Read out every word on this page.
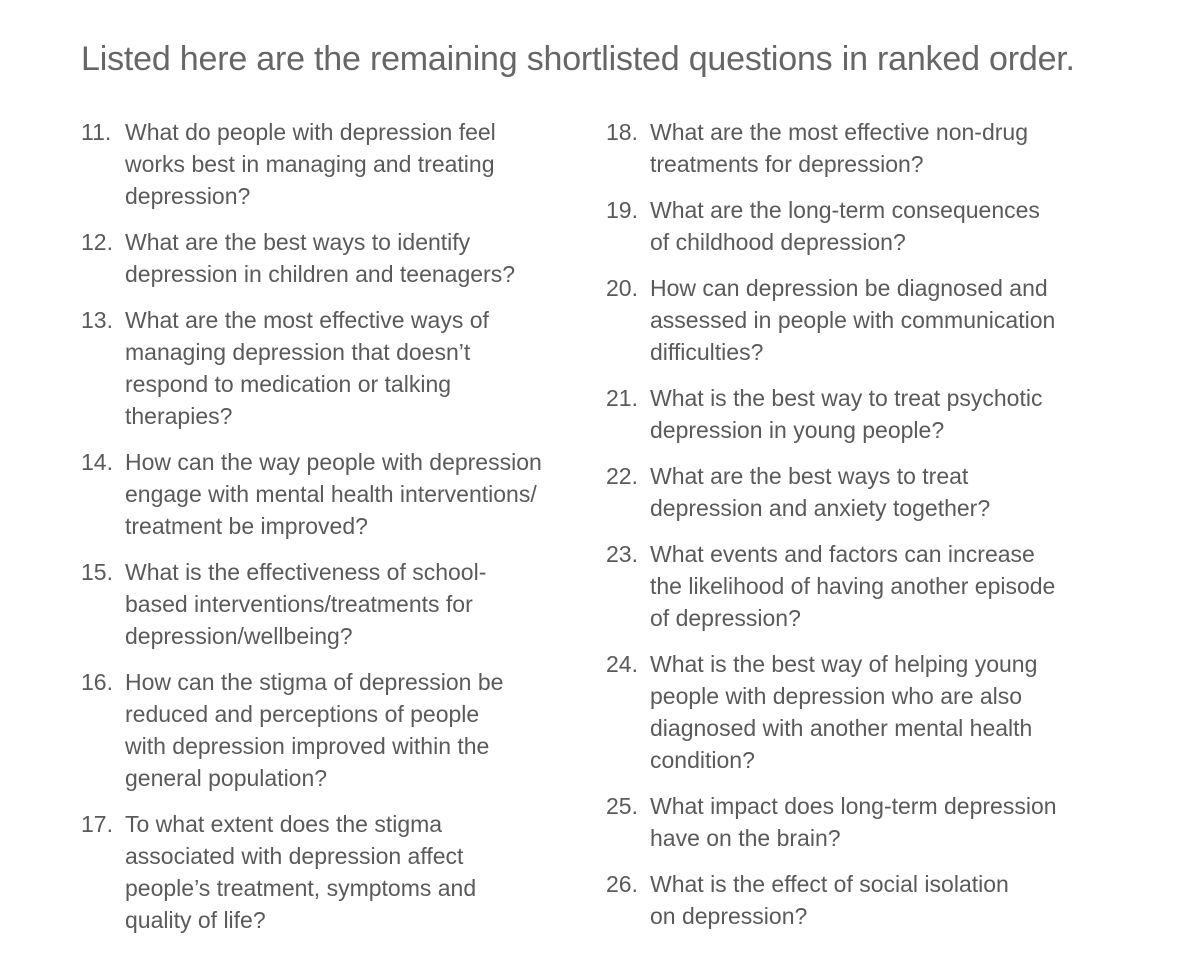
Listed here are the remaining shortlisted questions in ranked order.
11. What do people with depression feel
works best in managing and treating
depression?
12. What are the best ways to identify
depression in children and teenagers?
13. What are the most effective ways of
managing depression that doesn’t
respond to medication or talking
therapies?
14. How can the way people with depression
engage with mental health interventions/
treatment be improved?
15. What is the effectiveness of school-
based interventions/treatments for
depression/wellbeing?
16. How can the stigma of depression be
reduced and perceptions of people
with depression improved within the
general population?
17. To what extent does the stigma
associated with depression affect
people’s treatment, symptoms and
quality of life?
18. What are the most effective non-drug
treatments for depression?
19. What are the long-term consequences
of childhood depression?
20. How can depression be diagnosed and
assessed in people with communication
difficulties?
21. What is the best way to treat psychotic
depression in young people?
22. What are the best ways to treat
depression and anxiety together?
23. What events and factors can increase
the likelihood of having another episode
of depression?
24. What is the best way of helping young
people with depression who are also
diagnosed with another mental health
condition?
25. What impact does long-term depression
have on the brain?
26. What is the effect of social isolation
on depression?
